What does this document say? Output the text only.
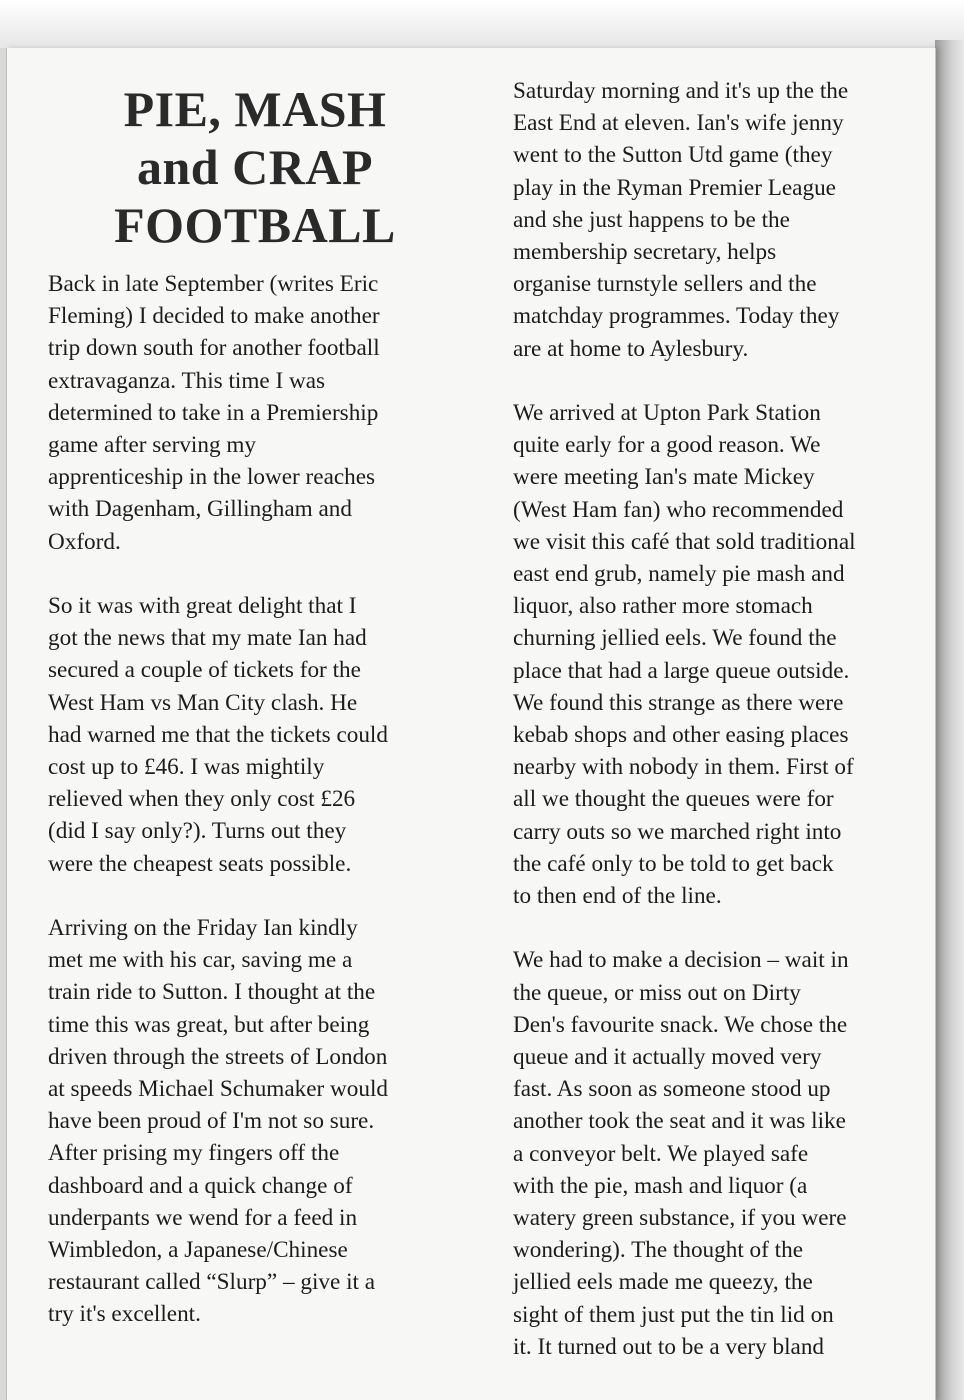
PIE, MASH
and CRAP
FOOTBALL
Back in late September (writes Eric
Fleming) I decided to make another
trip down south for another football
extravaganza. This time I was
determined to take in a Premiership
game after serving my
apprenticeship in the lower reaches
with Dagenham, Gillingham and
Oxford.
So it was with great delight that I
got the news that my mate Ian had
secured a couple of tickets for the
West Ham vs Man City clash. He
had warned me that the tickets could
cost up to £46. I was mightily
relieved when they only cost £26
(did I say only?). Turns out they
were the cheapest seats possible.
Arriving on the Friday Ian kindly
met me with his car, saving me a
train ride to Sutton. I thought at the
time this was great, but after being
driven through the streets of London
at speeds Michael Schumaker would
have been proud of I'm not so sure.
After prising my fingers off the
dashboard and a quick change of
underpants we wend for a feed in
Wimbledon, a Japanese/Chinese
restaurant called “Slurp” – give it a
try it's excellent.
Saturday morning and it's up the the
East End at eleven. Ian's wife jenny
went to the Sutton Utd game (they
play in the Ryman Premier League
and she just happens to be the
membership secretary, helps
organise turnstyle sellers and the
matchday programmes. Today they
are at home to Aylesbury.
We arrived at Upton Park Station
quite early for a good reason. We
were meeting Ian's mate Mickey
(West Ham fan) who recommended
we visit this café that sold traditional
east end grub, namely pie mash and
liquor, also rather more stomach
churning jellied eels. We found the
place that had a large queue outside.
We found this strange as there were
kebab shops and other easing places
nearby with nobody in them. First of
all we thought the queues were for
carry outs so we marched right into
the café only to be told to get back
to then end of the line.
We had to make a decision – wait in
the queue, or miss out on Dirty
Den's favourite snack. We chose the
queue and it actually moved very
fast. As soon as someone stood up
another took the seat and it was like
a conveyor belt. We played safe
with the pie, mash and liquor (a
watery green substance, if you were
wondering). The thought of the
jellied eels made me queezy, the
sight of them just put the tin lid on
it. It turned out to be a very bland
